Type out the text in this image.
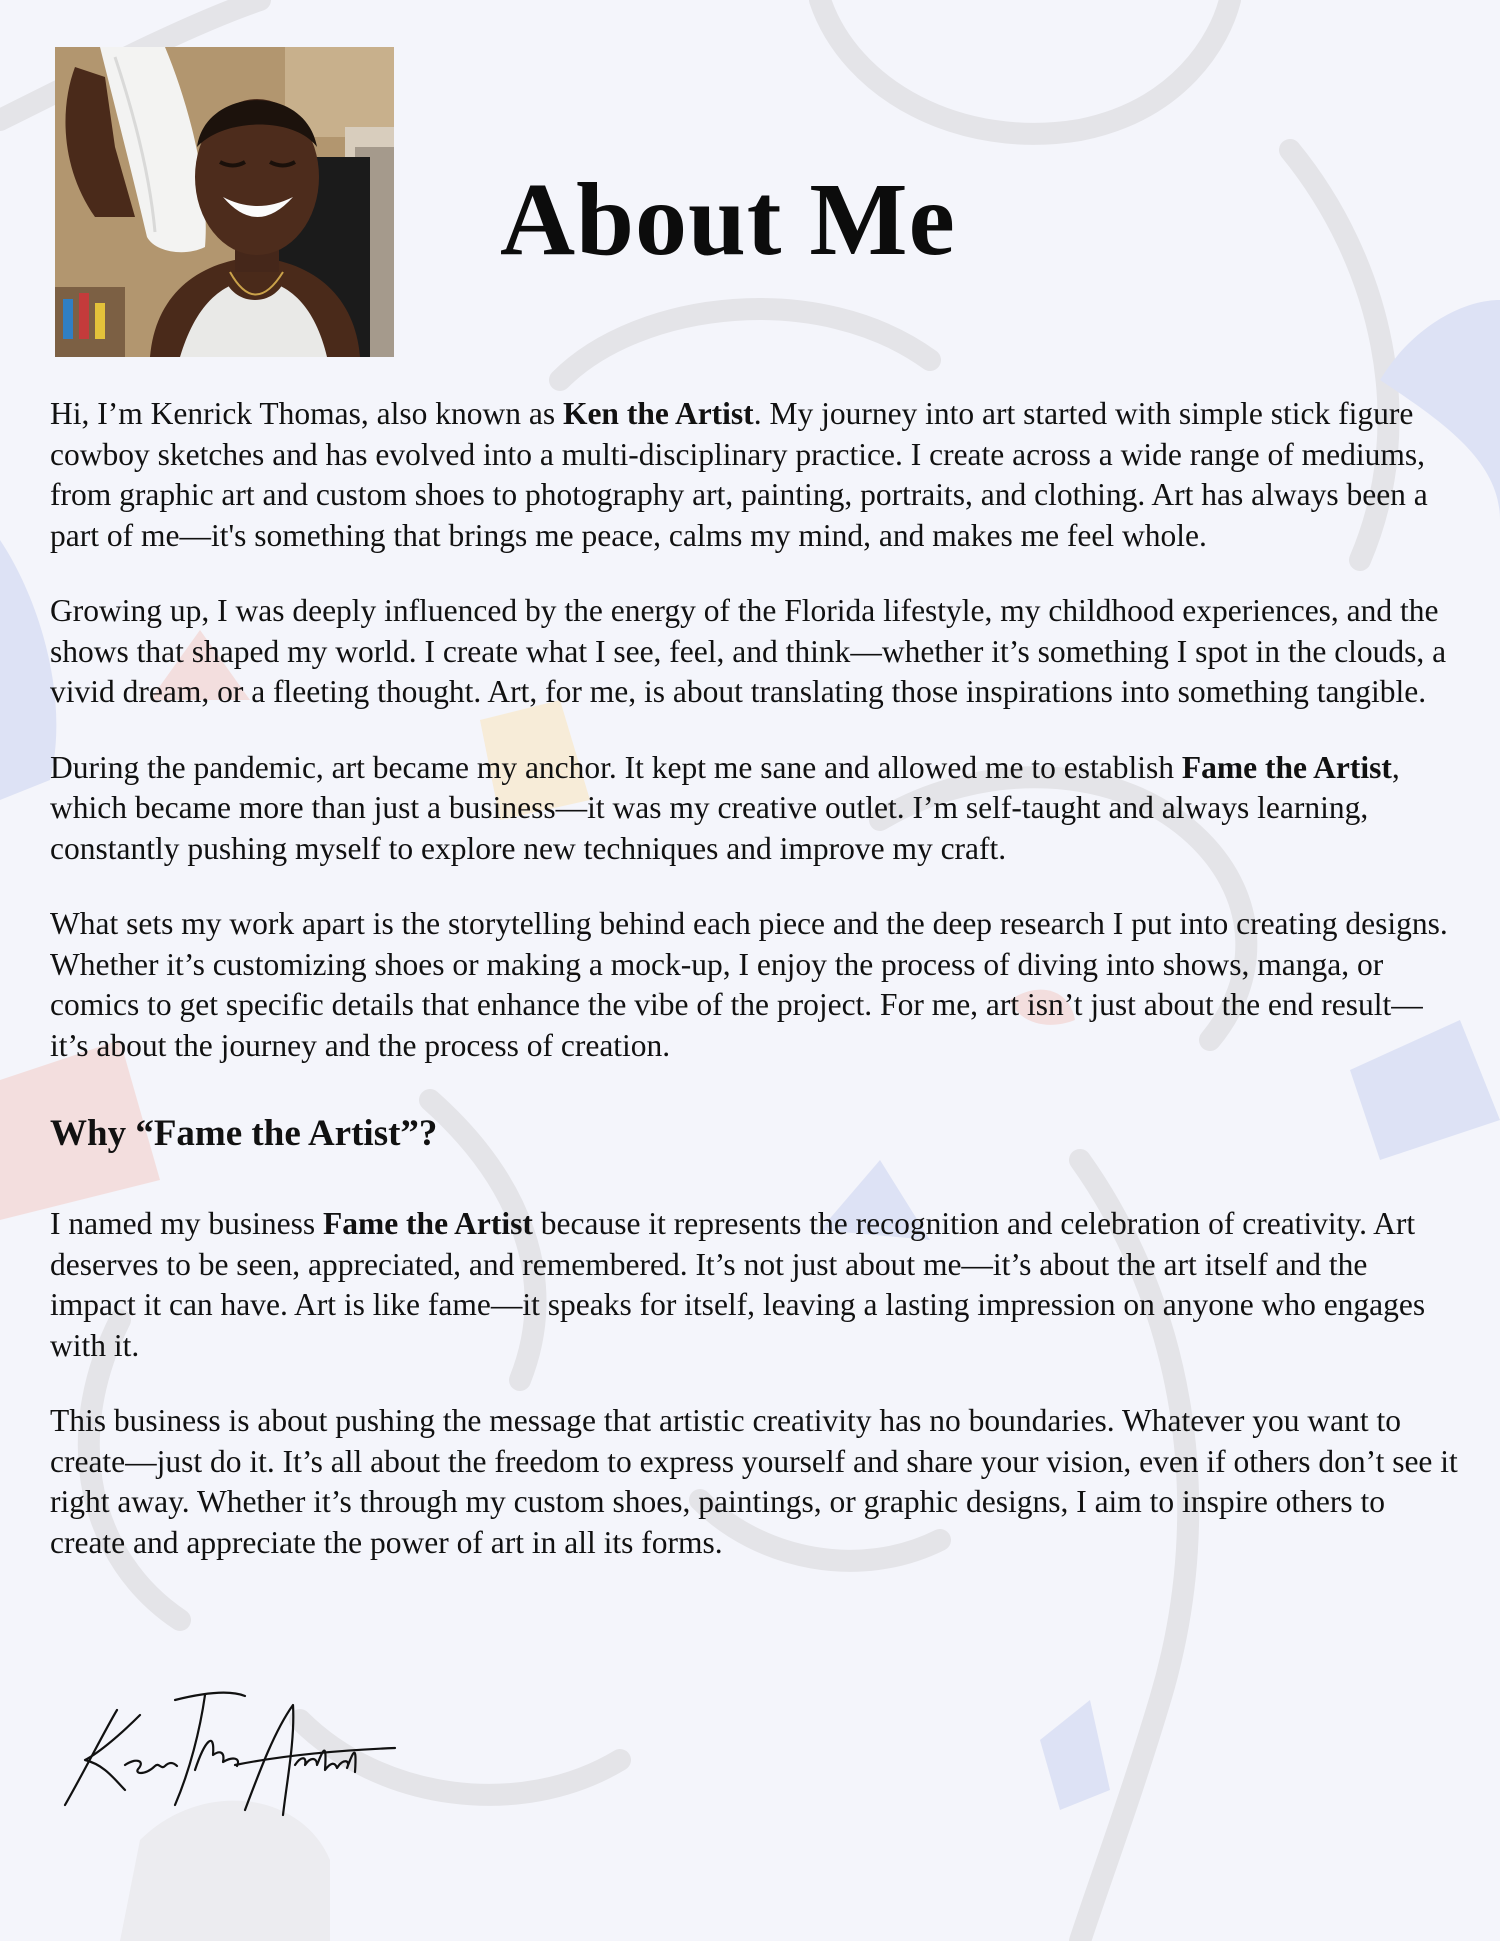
About Me

Hi, I’m Kenrick Thomas, also known as Ken the Artist. My journey into art started with simple stick figure cowboy sketches and has evolved into a multi-disciplinary practice. I create across a wide range of mediums, from graphic art and custom shoes to photography art, painting, portraits, and clothing. Art has always been a part of me—it's something that brings me peace, calms my mind, and makes me feel whole.

Growing up, I was deeply influenced by the energy of the Florida lifestyle, my childhood experiences, and the shows that shaped my world. I create what I see, feel, and think—whether it’s something I spot in the clouds, a vivid dream, or a fleeting thought. Art, for me, is about translating those inspirations into something tangible.

During the pandemic, art became my anchor. It kept me sane and allowed me to establish Fame the Artist, which became more than just a business—it was my creative outlet. I’m self-taught and always learning, constantly pushing myself to explore new techniques and improve my craft.

What sets my work apart is the storytelling behind each piece and the deep research I put into creating designs. Whether it’s customizing shoes or making a mock-up, I enjoy the process of diving into shows, manga, or comics to get specific details that enhance the vibe of the project. For me, art isn’t just about the end result—it’s about the journey and the process of creation.

Why “Fame the Artist”?

I named my business Fame the Artist because it represents the recognition and celebration of creativity. Art deserves to be seen, appreciated, and remembered. It’s not just about me—it’s about the art itself and the impact it can have. Art is like fame—it speaks for itself, leaving a lasting impression on anyone who engages with it.

This business is about pushing the message that artistic creativity has no boundaries. Whatever you want to create—just do it. It’s all about the freedom to express yourself and share your vision, even if others don’t see it right away. Whether it’s through my custom shoes, paintings, or graphic designs, I aim to inspire others to create and appreciate the power of art in all its forms.
